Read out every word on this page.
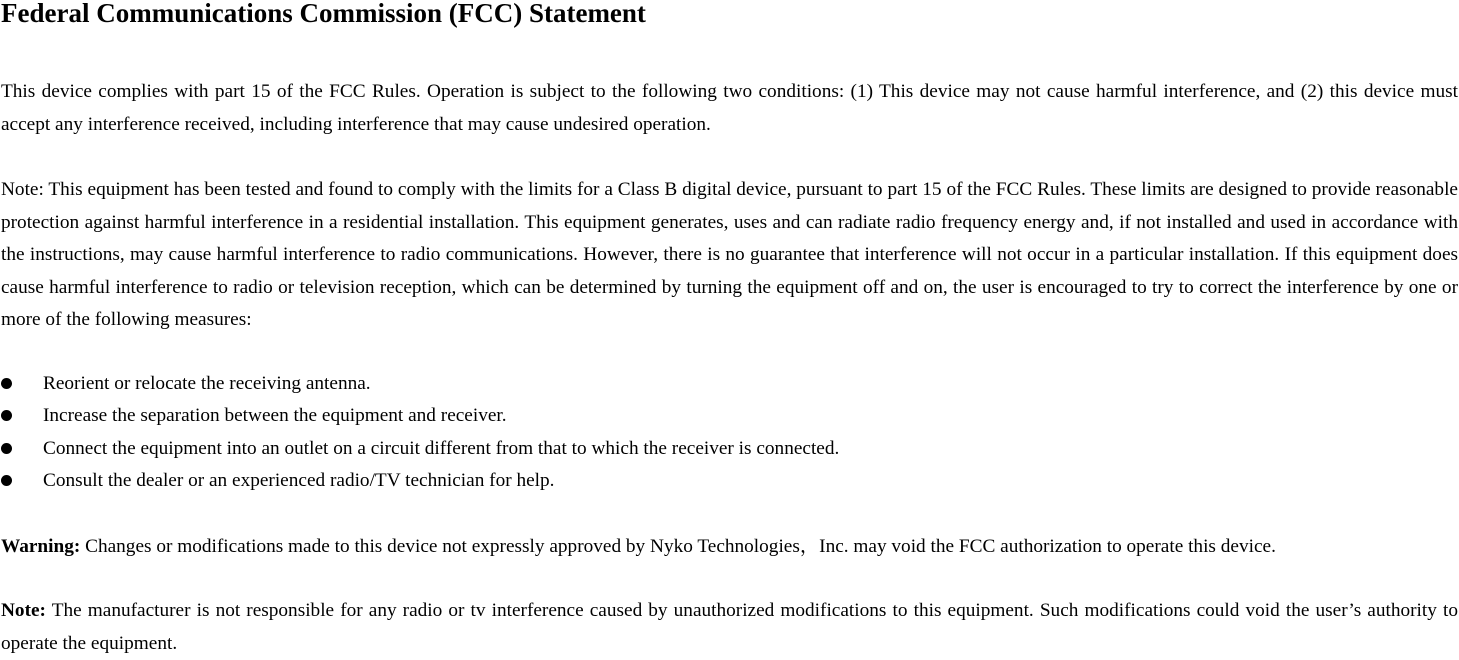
Federal Communications Commission (FCC) Statement

This device complies with part 15 of the FCC Rules. Operation is subject to the following two conditions: (1) This device may not cause harmful interference, and (2) this device must accept any interference received, including interference that may cause undesired operation.

Note: This equipment has been tested and found to comply with the limits for a Class B digital device, pursuant to part 15 of the FCC Rules. These limits are designed to provide reasonable protection against harmful interference in a residential installation. This equipment generates, uses and can radiate radio frequency energy and, if not installed and used in accordance with the instructions, may cause harmful interference to radio communications. However, there is no guarantee that interference will not occur in a particular installation. If this equipment does cause harmful interference to radio or television reception, which can be determined by turning the equipment off and on, the user is encouraged to try to correct the interference by one or more of the following measures:

Reorient or relocate the receiving antenna.
Increase the separation between the equipment and receiver.
Connect the equipment into an outlet on a circuit different from that to which the receiver is connected.
Consult the dealer or an experienced radio/TV technician for help.

Warning: Changes or modifications made to this device not expressly approved by Nyko Technologies，Inc. may void the FCC authorization to operate this device.

Note: The manufacturer is not responsible for any radio or tv interference caused by unauthorized modifications to this equipment. Such modifications could void the user’s authority to operate the equipment.
